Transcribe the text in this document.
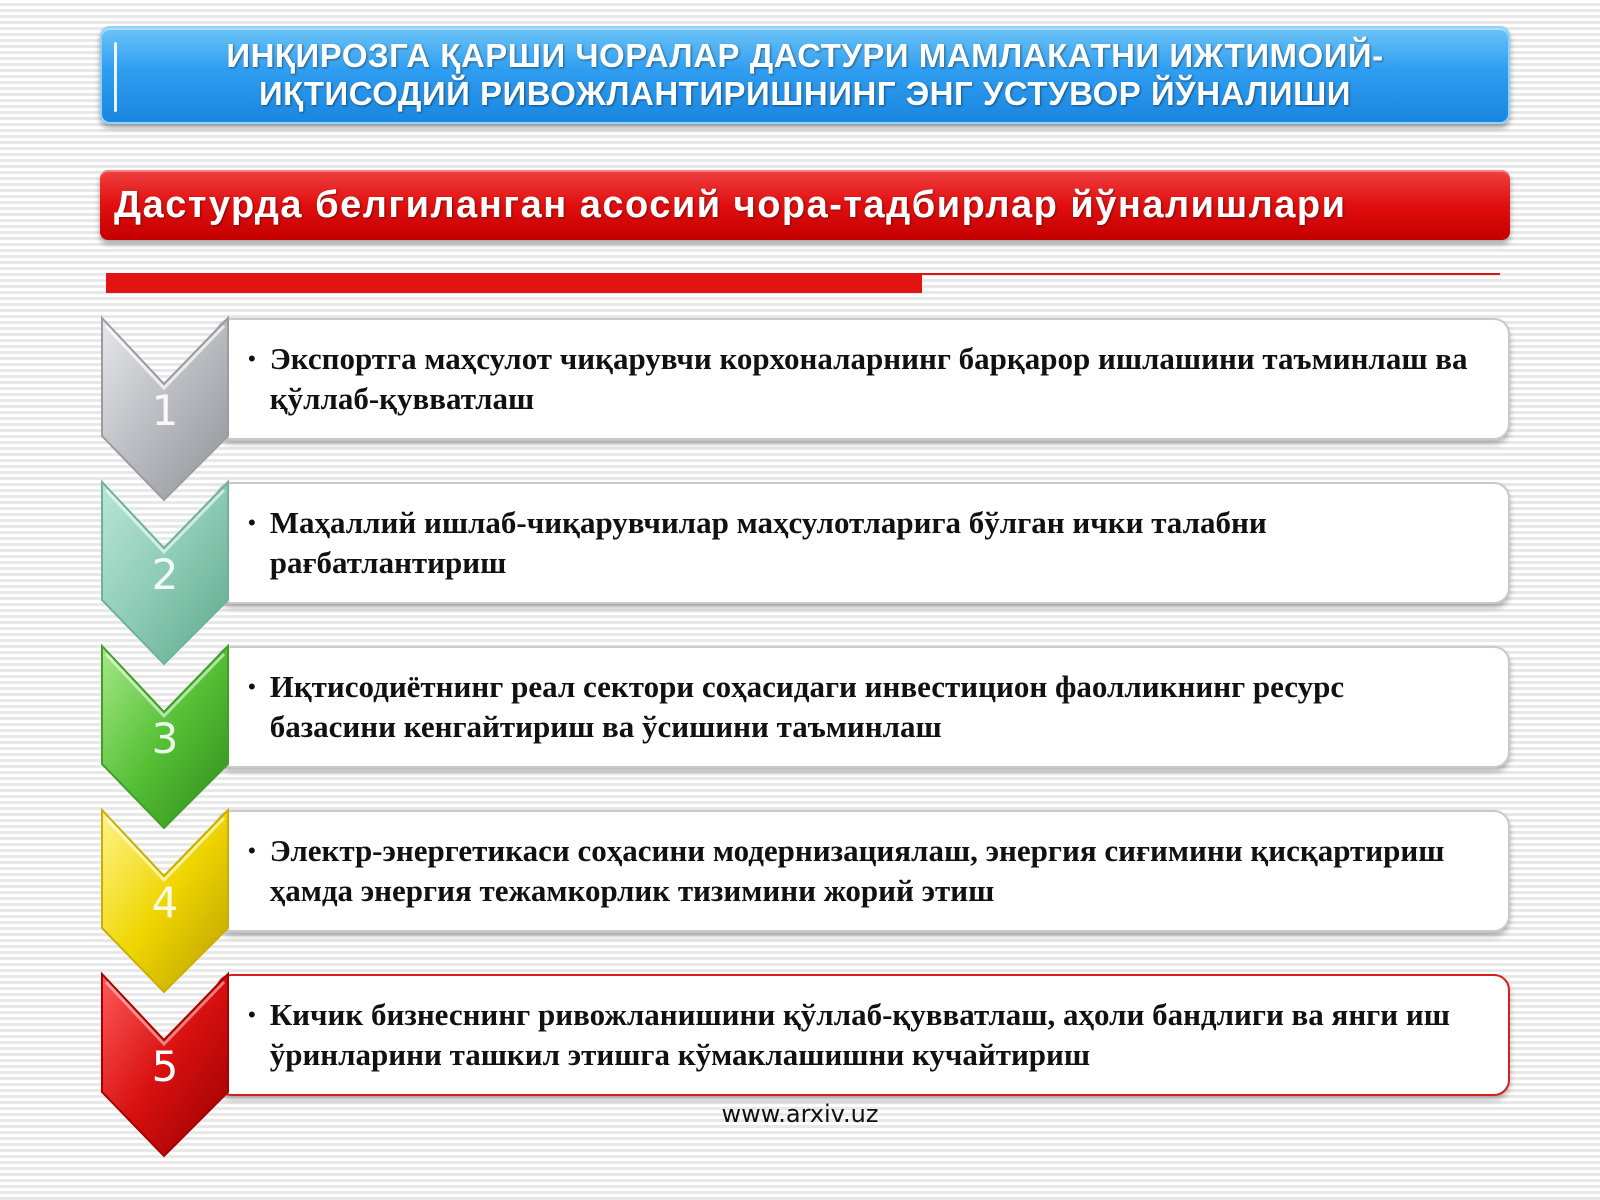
ИНҚИРОЗГА ҚАРШИ ЧОРАЛАР ДАСТУРИ МАМЛАКАТНИ ИЖТИМОИЙ-ИҚТИСОДИЙ РИВОЖЛАНТИРИШНИНГ ЭНГ УСТУВОР ЙЎНАЛИШИ
Дастурда белгиланган асосий чора-тадбирлар йўналишлари
• Экспортга маҳсулот чиқарувчи корхоналарнинг барқарор ишлашини таъминлаш ва қўллаб-қувватлаш
1
• Маҳаллий ишлаб-чиқарувчилар маҳсулотларига бўлган ички талабни рағбатлантириш
2
• Иқтисодиётнинг реал сектори соҳасидаги инвестицион фаолликнинг ресурс базасини кенгайтириш ва ўсишини таъминлаш
3
• Электр-энергетикаси соҳасини модернизациялаш, энергия сиғимини қисқартириш ҳамда энергия тежамкорлик тизимини жорий этиш
4
• Кичик бизнеснинг ривожланишини қўллаб-қувватлаш, аҳоли бандлиги ва янги иш ўринларини ташкил этишга кўмаклашишни кучайтириш
5
www.arxiv.uz
